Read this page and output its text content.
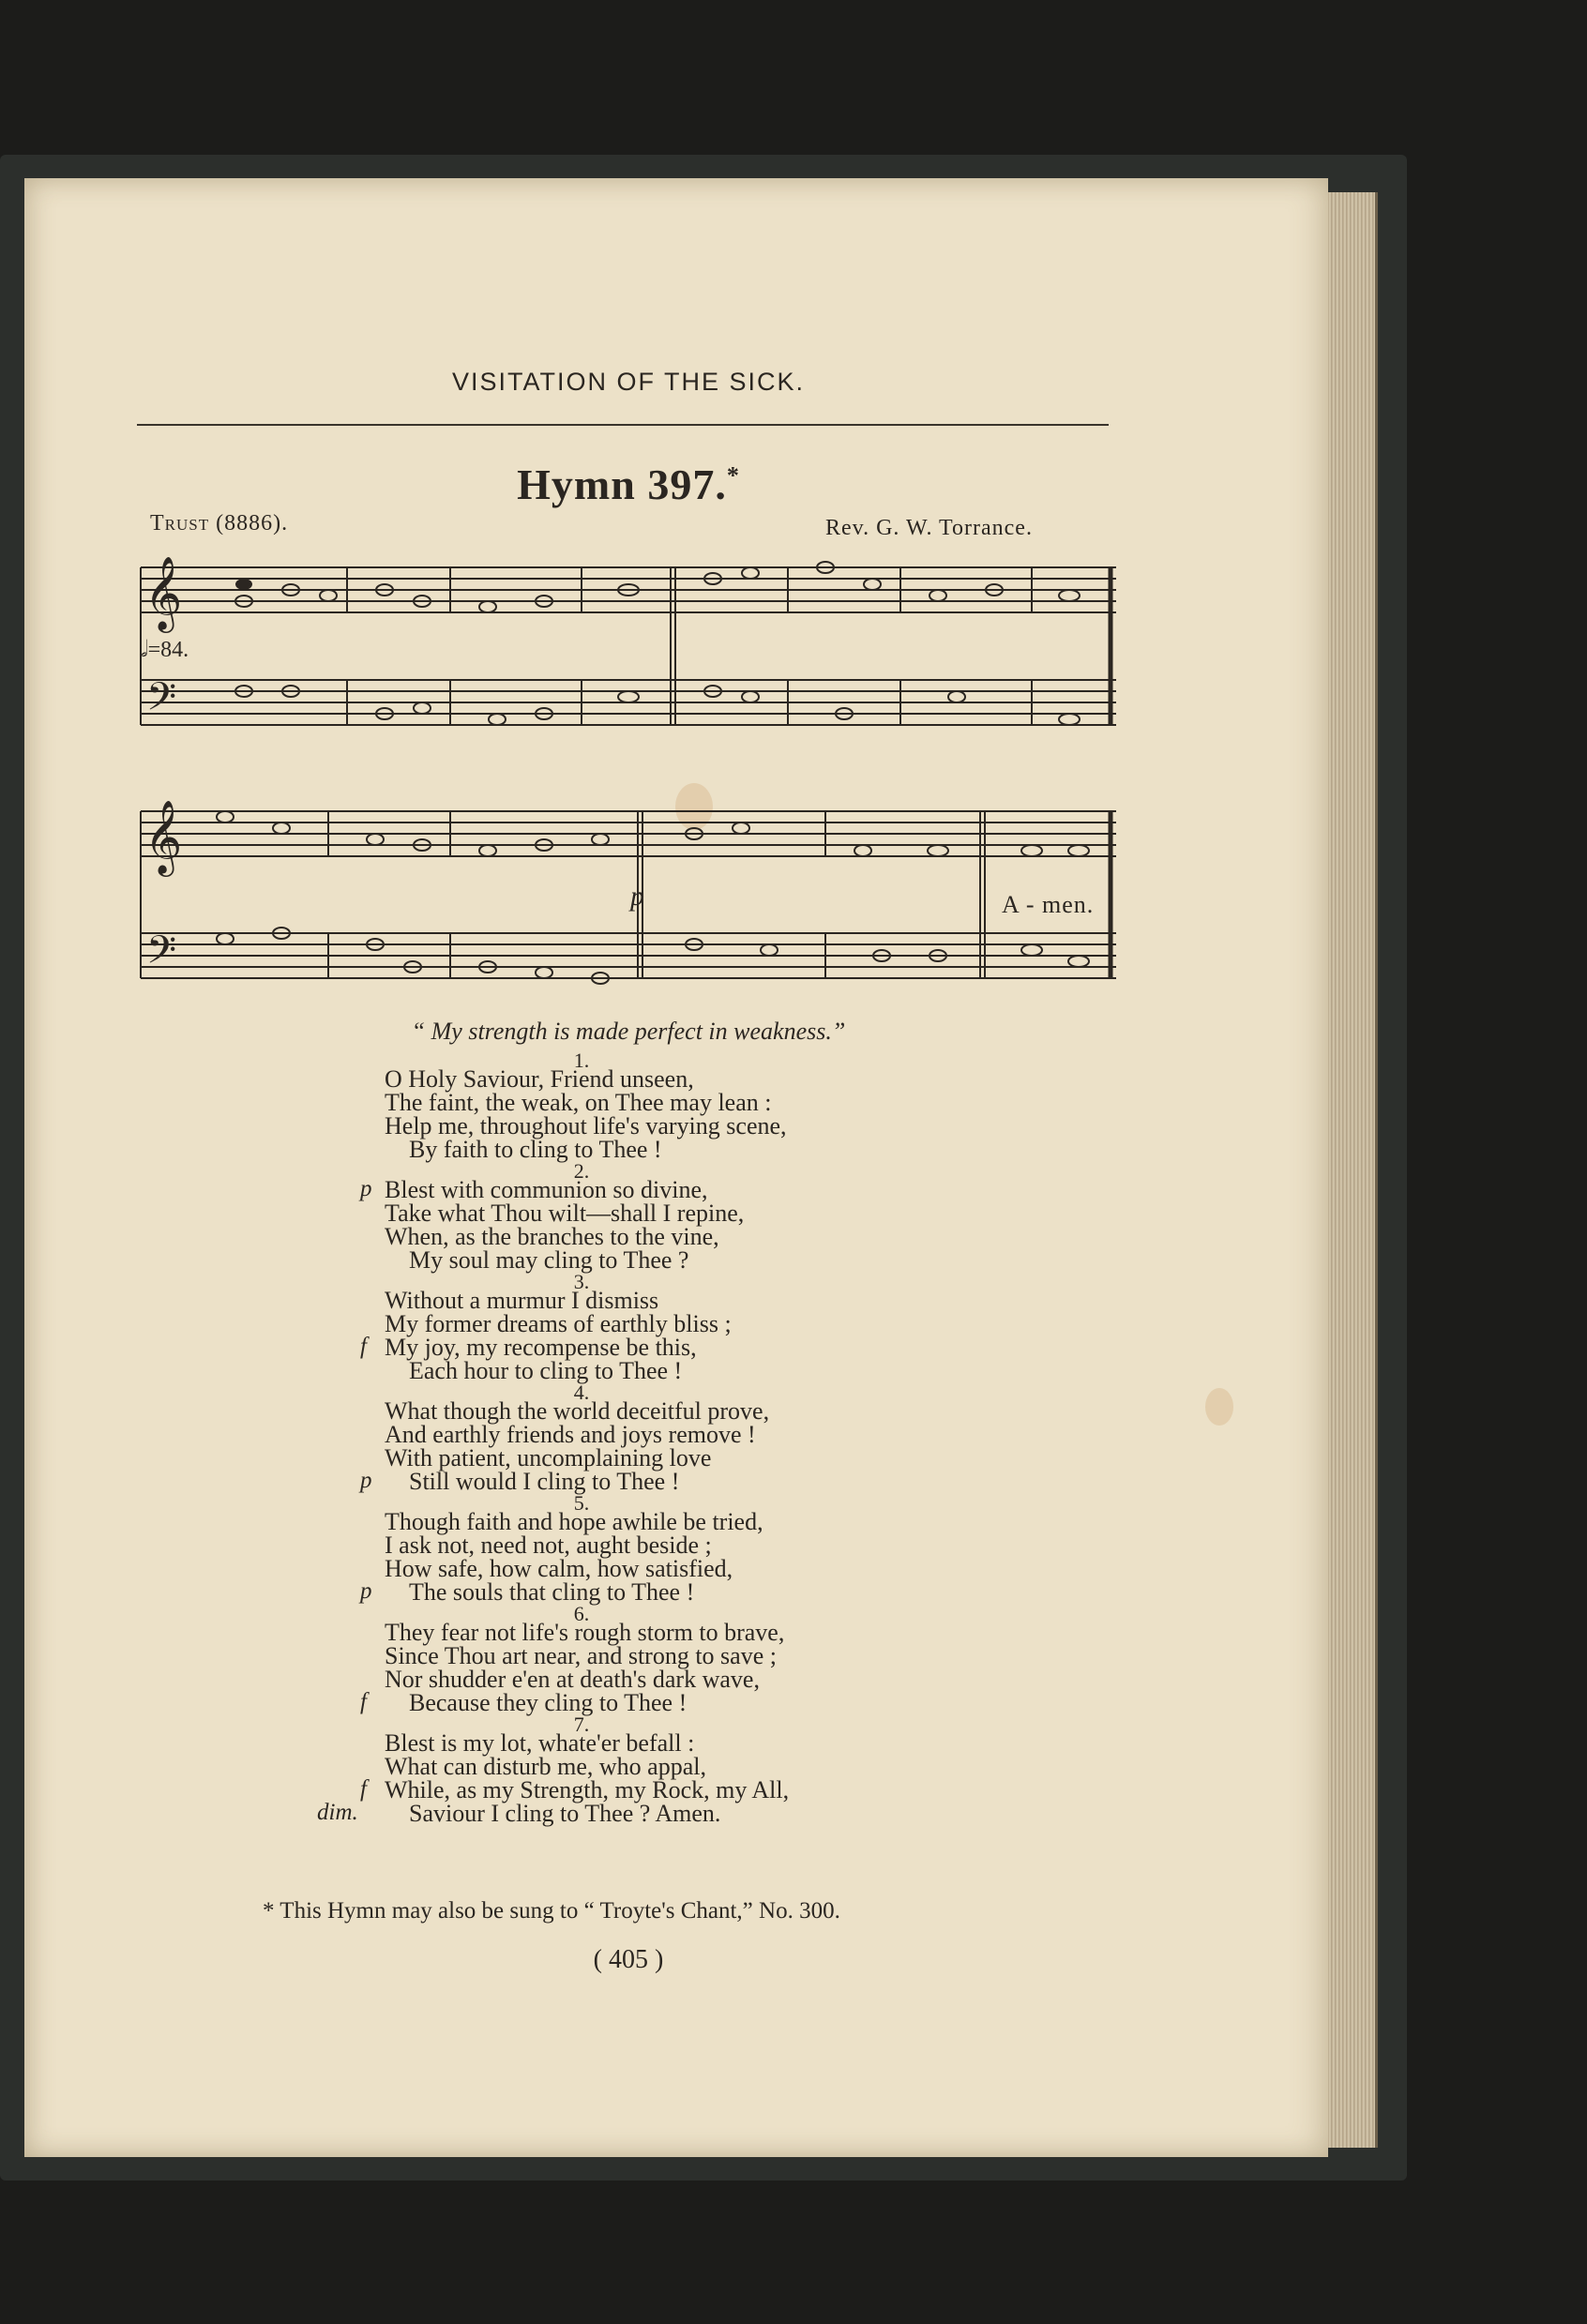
VISITATION OF THE SICK.
Hymn 397.*
Trust (8886).	Rev. G. W. Torrance.
𝅗𝅥=84.
𝄞
𝄢
𝄞
𝄢
p	A - men.
“ My strength is made perfect in weakness.”
1.
O Holy Saviour, Friend unseen,
The faint, the weak, on Thee may lean :
Help me, throughout life's varying scene,
By faith to cling to Thee !
2.
Blest with communion so divine,
p
Take what Thou wilt—shall I repine,
When, as the branches to the vine,
My soul may cling to Thee ?
3.
Without a murmur I dismiss
My former dreams of earthly bliss ;
My joy, my recompense be this,
f
Each hour to cling to Thee !
4.
What though the world deceitful prove,
And earthly friends and joys remove !
With patient, uncomplaining love
Still would I cling to Thee !
p
5.
Though faith and hope awhile be tried,
I ask not, need not, aught beside ;
How safe, how calm, how satisfied,
The souls that cling to Thee !
p
6.
They fear not life's rough storm to brave,
Since Thou art near, and strong to save ;
Nor shudder e'en at death's dark wave,
Because they cling to Thee !
f
7.
Blest is my lot, whate'er befall :
What can disturb me, who appal,
While, as my Strength, my Rock, my All,
f
Saviour I cling to Thee ? Amen.
dim.
* This Hymn may also be sung to “ Troyte's Chant,” No. 300.
( 405 )
